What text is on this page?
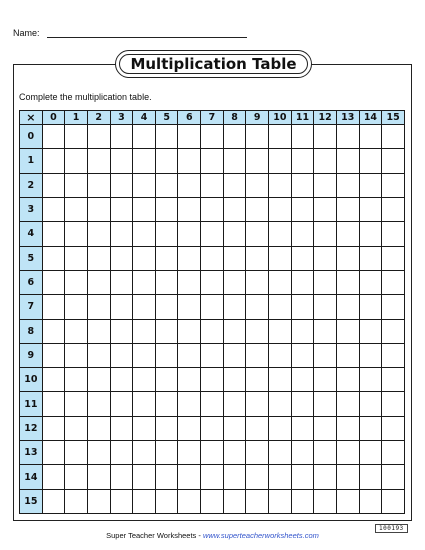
Name:
Multiplication Table
Complete the multiplication table.
×	0	1	2	3	4	5	6	7	8	9	10	11	12	13	14	15
0																
1																
2																
3																
4																
5																
6																
7																
8																
9																
10																
11																
12																
13																
14																
15																
Super Teacher Worksheets - www.superteacherworksheets.com
100193
